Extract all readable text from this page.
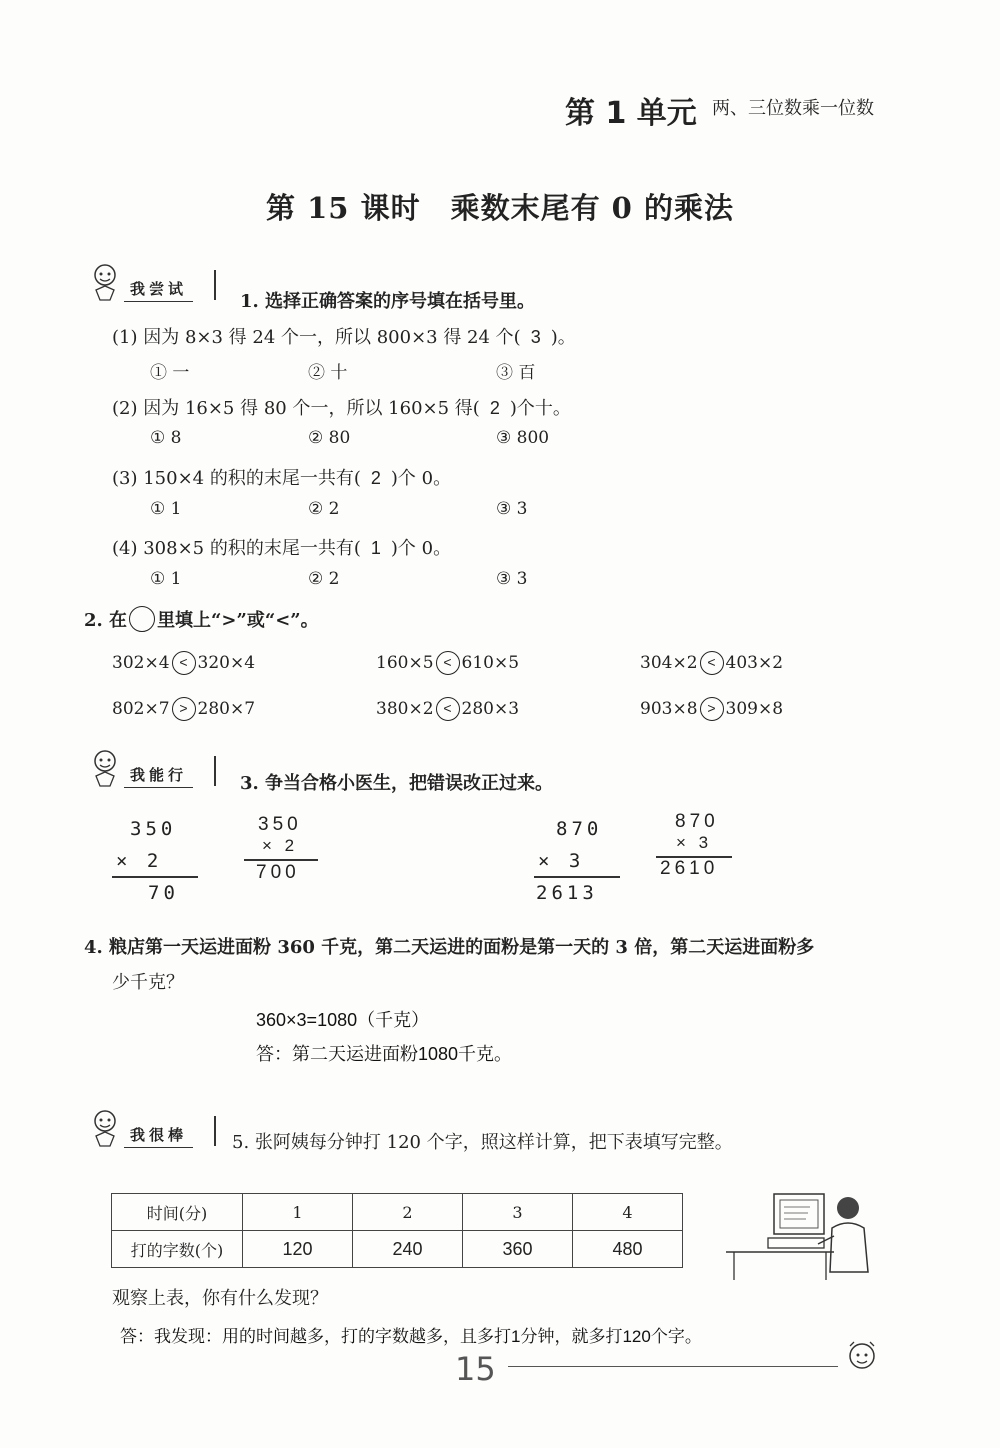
第 1 单元 两、三位数乘一位数
第 15 课时　乘数末尾有 0 的乘法
我尝试
1. 选择正确答案的序号填在括号里。
(1) 因为 8×3 得 24 个一，所以 800×3 得 24 个( 3 )。
① 一	② 十	③ 百
(2) 因为 16×5 得 80 个一，所以 160×5 得( 2 )个十。
① 8	② 80	③ 800
(3) 150×4 的积的末尾一共有( 2 )个 0。
① 1	② 2	③ 3
(4) 308×5 的积的末尾一共有( 1 )个 0。
① 1	② 2	③ 3
2. 在 里填上“>”或“<”。
302×4 < 320×4	160×5 < 610×5	304×2 < 403×2
802×7 > 280×7	380×2 < 280×3	903×8 > 309×8
我能行	3. 争当合格小医生，把错误改正过来。
350
× 2
70
350
× 2
700
870
× 3
2613
870
× 3
2610
4. 粮店第一天运进面粉 360 千克，第二天运进的面粉是第一天的 3 倍，第二天运进面粉多
少千克？
360×3=1080（千克）
答：第二天运进面粉1080千克。
我很棒	5. 张阿姨每分钟打 120 个字，照这样计算，把下表填写完整。
时间(分)	1	2	3	4
打的字数(个)	120	240	360	480
观察上表，你有什么发现？
答：我发现：用的时间越多，打的字数越多，且多打1分钟，就多打120个字。
15
